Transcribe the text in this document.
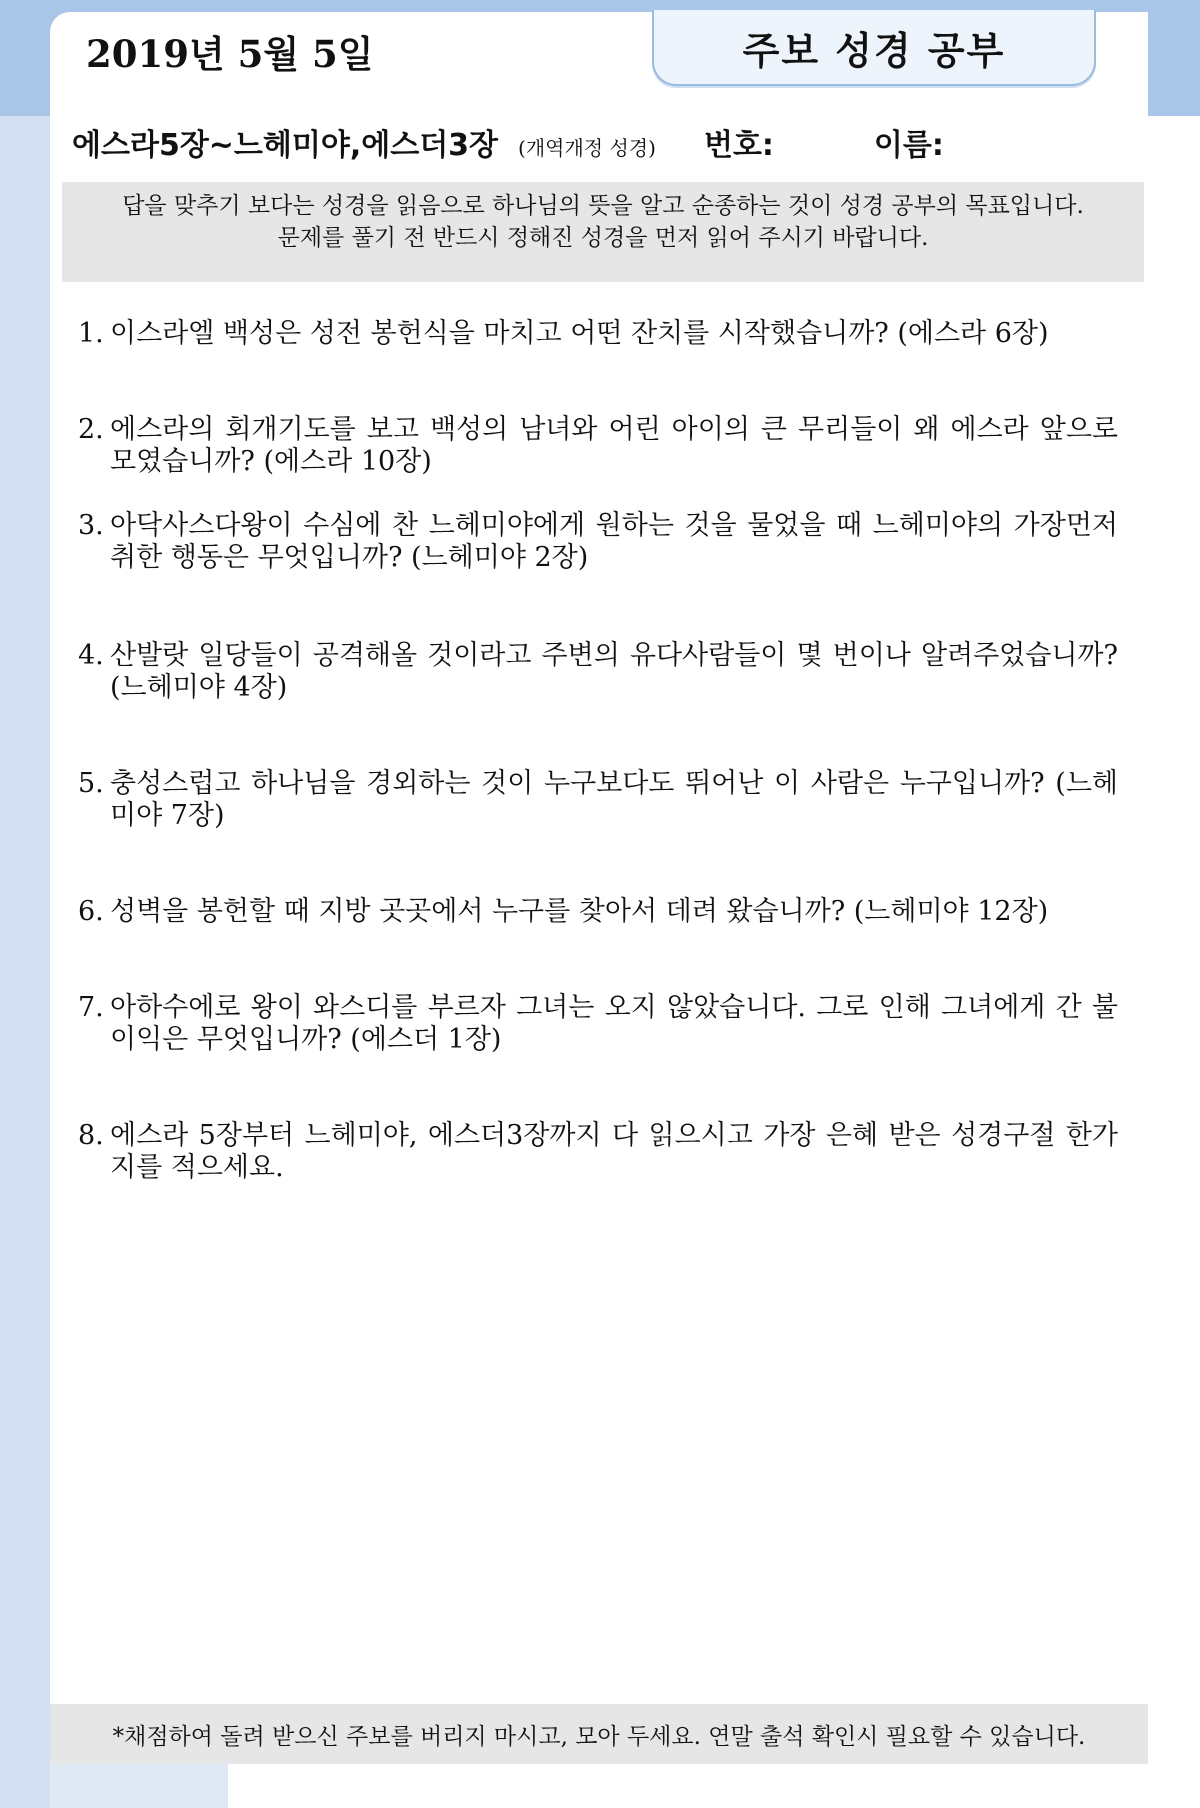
2019년 5월 5일	주보 성경 공부
에스라5장~느헤미야,에스더3장 (개역개정 성경) 번호:	이름:
답을 맞추기 보다는 성경을 읽음으로 하나님의 뜻을 알고 순종하는 것이 성경 공부의 목표입니다.
문제를 풀기 전 반드시 정해진 성경을 먼저 읽어 주시기 바랍니다.
1. 이스라엘 백성은 성전 봉헌식을 마치고 어떤 잔치를 시작했습니까? (에스라 6장)
2. 에스라의 회개기도를 보고 백성의 남녀와 어린 아이의 큰 무리들이 왜 에스라 앞으로 모였습니까? (에스라 10장)
3. 아닥사스다왕이 수심에 찬 느헤미야에게 원하는 것을 물었을 때 느헤미야의 가장먼저 취한 행동은 무엇입니까? (느헤미야 2장)
4. 산발랏 일당들이 공격해올 것이라고 주변의 유다사람들이 몇 번이나 알려주었습니까? (느헤미야 4장)
5. 충성스럽고 하나님을 경외하는 것이 누구보다도 뛰어난 이 사람은 누구입니까? (느헤미야 7장)
6. 성벽을 봉헌할 때 지방 곳곳에서 누구를 찾아서 데려 왔습니까? (느헤미야 12장)
7. 아하수에로 왕이 와스디를 부르자 그녀는 오지 않았습니다. 그로 인해 그녀에게 간 불이익은 무엇입니까? (에스더 1장)
8. 에스라 5장부터 느헤미야, 에스더3장까지 다 읽으시고 가장 은혜 받은 성경구절 한가지를 적으세요.
*채점하여 돌려 받으신 주보를 버리지 마시고, 모아 두세요. 연말 출석 확인시 필요할 수 있습니다.
